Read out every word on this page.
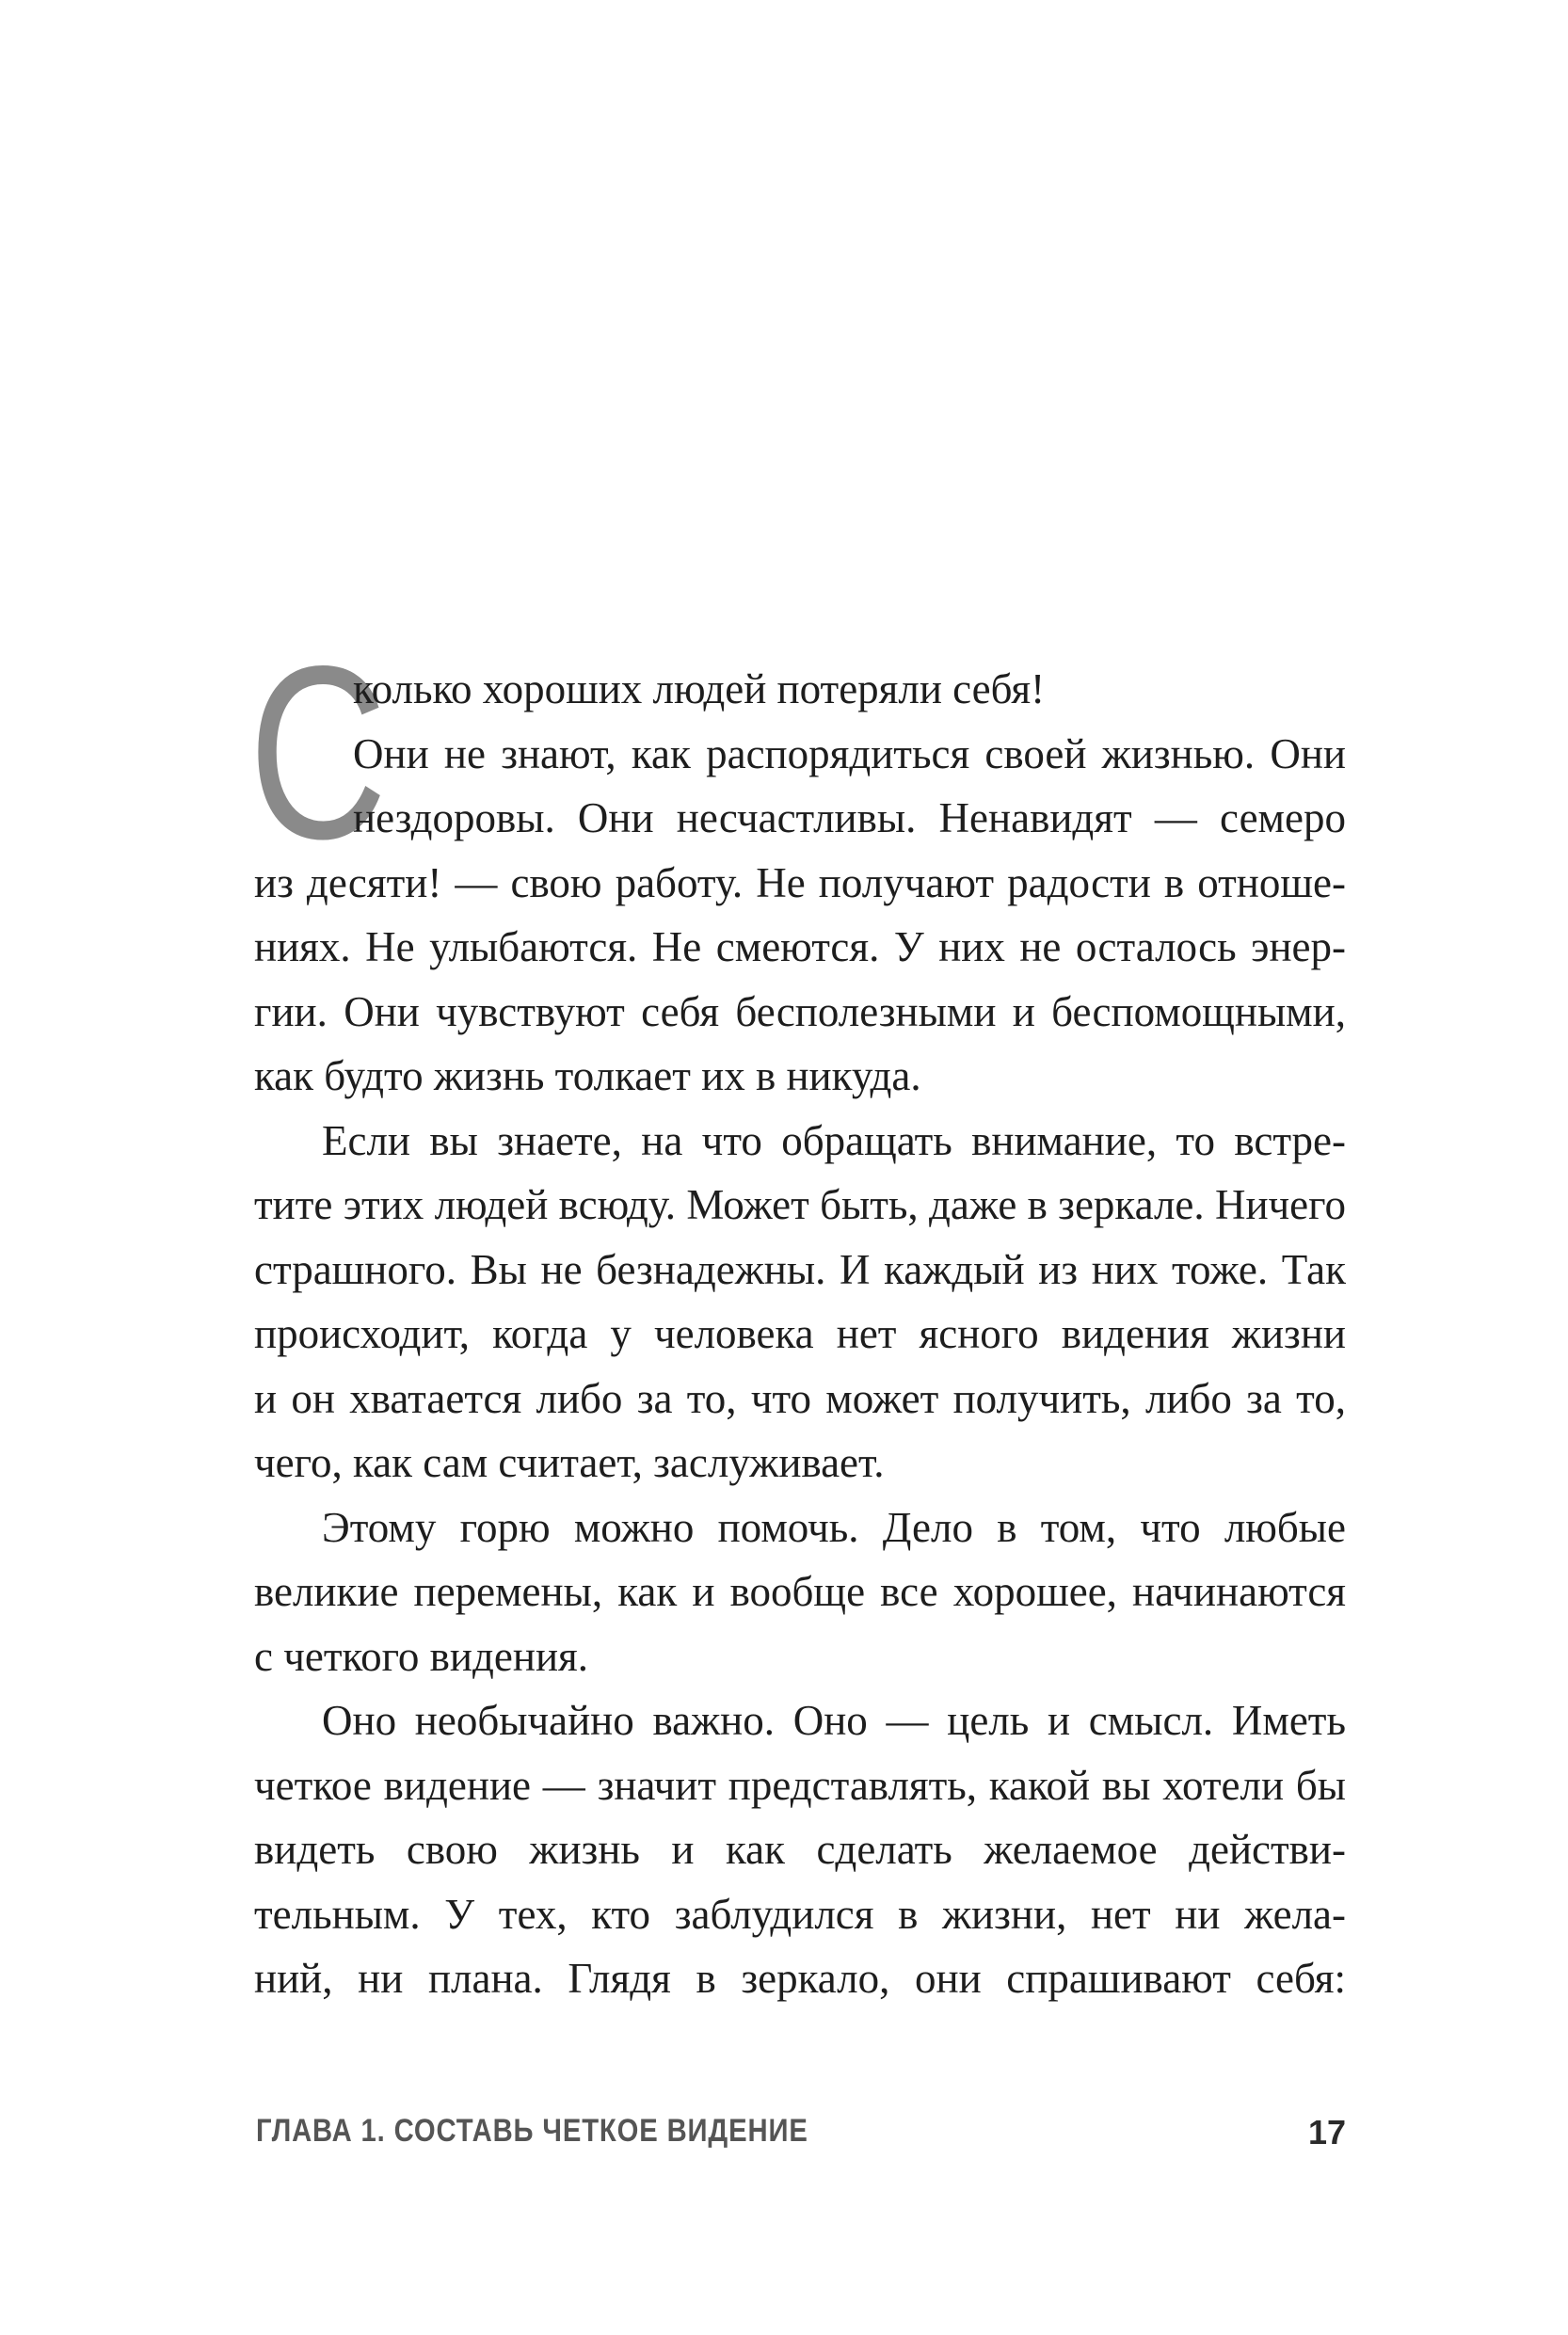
С
колько хороших людей потеряли себя!
Они не знают, как распорядиться своей жизнью. Они
нездоровы. Они несчастливы. Ненавидят — семеро
из десяти! — свою работу. Не получают радости в отноше-
ниях. Не улыбаются. Не смеются. У них не осталось энер-
гии. Они чувствуют себя бесполезными и беспомощными,
как будто жизнь толкает их в никуда.
Если вы знаете, на что обращать внимание, то встре-
тите этих людей всюду. Может быть, даже в зеркале. Ничего
страшного. Вы не безнадежны. И каждый из них тоже. Так
происходит, когда у человека нет ясного видения жизни
и он хватается либо за то, что может получить, либо за то,
чего, как сам считает, заслуживает.
Этому горю можно помочь. Дело в том, что любые
великие перемены, как и вообще все хорошее, начинаются
с четкого видения.
Оно необычайно важно. Оно — цель и смысл. Иметь
четкое видение — значит представлять, какой вы хотели бы
видеть свою жизнь и как сделать желаемое действи-
тельным. У тех, кто заблудился в жизни, нет ни жела-
ний, ни плана. Глядя в зеркало, они спрашивают себя:
ГЛАВА 1. СОСТАВЬ ЧЕТКОЕ ВИДЕНИЕ	17
